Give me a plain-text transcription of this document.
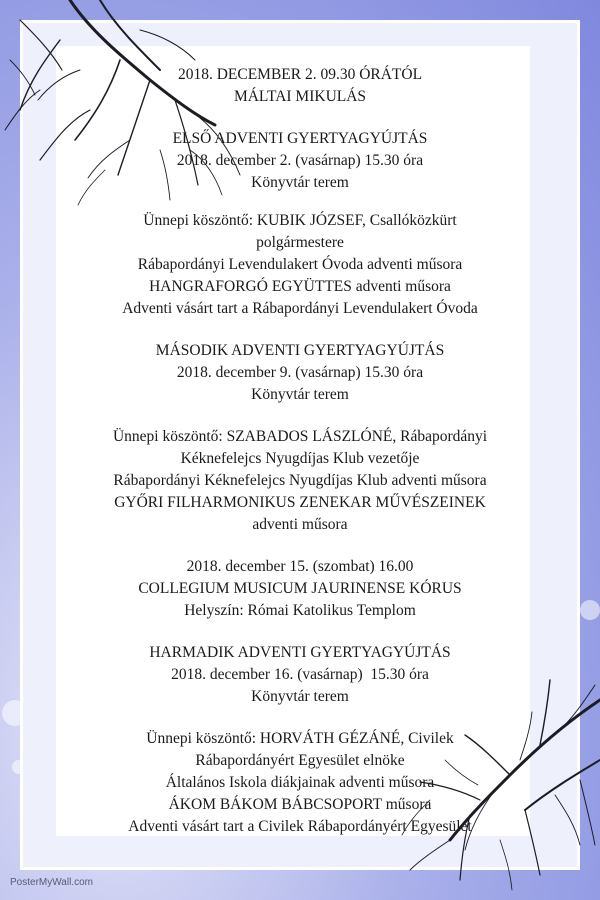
2018. DECEMBER 2. 09.30 ÓRÁTÓL
MÁLTAI MIKULÁS
ELSŐ ADVENTI GYERTYAGYÚJTÁS
2018. december 2. (vasárnap) 15.30 óra
Könyvtár terem
Ünnepi köszöntő: KUBIK JÓZSEF, Csallóközkürt
polgármestere
Rábapordányi Levendulakert Óvoda adventi műsora
HANGRAFORGÓ EGYÜTTES adventi műsora
Adventi vásárt tart a Rábapordányi Levendulakert Óvoda
MÁSODIK ADVENTI GYERTYAGYÚJTÁS
2018. december 9. (vasárnap) 15.30 óra
Könyvtár terem
Ünnepi köszöntő: SZABADOS LÁSZLÓNÉ, Rábapordányi
Kéknefelejcs Nyugdíjas Klub vezetője
Rábapordányi Kéknefelejcs Nyugdíjas Klub adventi műsora
GYŐRI FILHARMONIKUS ZENEKAR MŰVÉSZEINEK
adventi műsora
2018. december 15. (szombat) 16.00
COLLEGIUM MUSICUM JAURINENSE KÓRUS
Helyszín: Római Katolikus Templom
HARMADIK ADVENTI GYERTYAGYÚJTÁS
2018. december 16. (vasárnap)  15.30 óra
Könyvtár terem
Ünnepi köszöntő: HORVÁTH GÉZÁNÉ, Civilek
Rábapordányért Egyesület elnöke
Általános Iskola diákjainak adventi műsora
ÁKOM BÁKOM BÁBCSOPORT műsora
Adventi vásárt tart a Civilek Rábapordányért Egyesület
PosterMyWall.com
